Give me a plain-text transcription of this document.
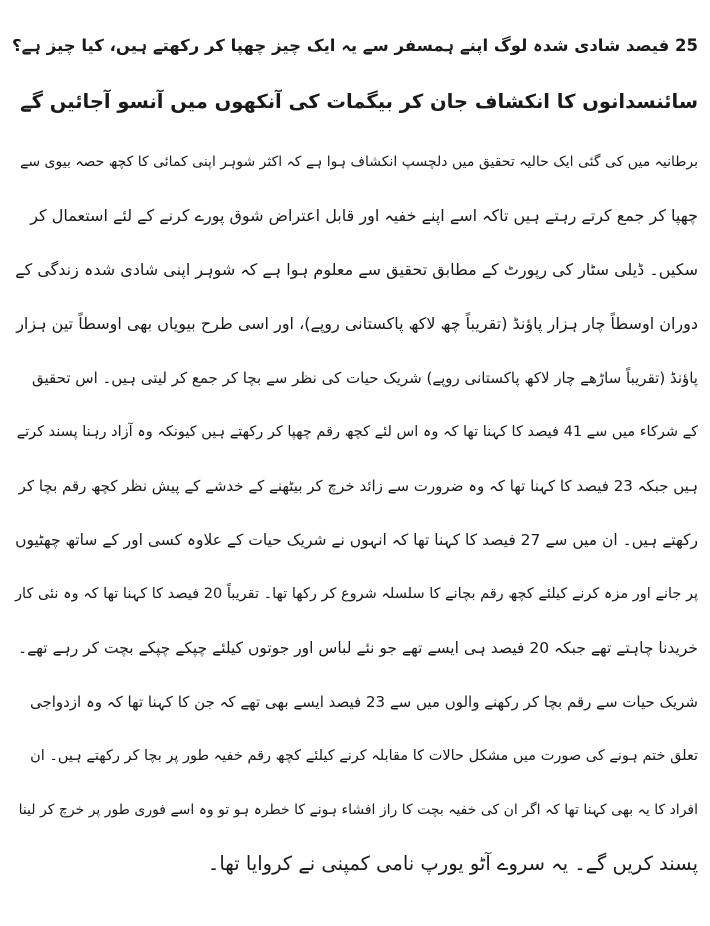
25 فیصد شادی شدہ لوگ اپنے ہمسفر سے یہ ایک چیز چھپا کر رکھتے ہیں، کیا چیز ہے؟
سائنسدانوں کا انکشاف جان کر بیگمات کی آنکھوں میں آنسو آجائیں گے
برطانیہ میں کی گئی ایک حالیہ تحقیق میں دلچسپ انکشاف ہوا ہے کہ اکثر شوہر اپنی کمائی کا کچھ حصہ بیوی سے
چھپا کر جمع کرتے رہتے ہیں تاکہ اسے اپنے خفیہ اور قابل اعتراض شوق پورے کرنے کے لئے استعمال کر
سکیں۔ ڈیلی سٹار کی رپورٹ کے مطابق تحقیق سے معلوم ہوا ہے کہ شوہر اپنی شادی شدہ زندگی کے
دوران اوسطاً چار ہزار پاؤنڈ (تقریباً چھ لاکھ پاکستانی روپے)، اور اسی طرح بیویاں بھی اوسطاً تین ہزار
پاؤنڈ (تقریباً ساڑھے چار لاکھ پاکستانی روپے) شریک حیات کی نظر سے بچا کر جمع کر لیتی ہیں۔ اس تحقیق
کے شرکاء میں سے 41 فیصد کا کہنا تھا کہ وہ اس لئے کچھ رقم چھپا کر رکھتے ہیں کیونکہ وہ آزاد رہنا پسند کرتے
ہیں جبکہ 23 فیصد کا کہنا تھا کہ وہ ضرورت سے زائد خرچ کر بیٹھنے کے خدشے کے پیش نظر کچھ رقم بچا کر
رکھتے ہیں۔ ان میں سے 27 فیصد کا کہنا تھا کہ انہوں نے شریک حیات کے علاوہ کسی اور کے ساتھ چھٹیوں
پر جانے اور مزہ کرنے کیلئے کچھ رقم بچانے کا سلسلہ شروع کر رکھا تھا۔ تقریباً 20 فیصد کا کہنا تھا کہ وہ نئی کار
خریدنا چاہتے تھے جبکہ 20 فیصد ہی ایسے تھے جو نئے لباس اور جوتوں کیلئے چپکے چپکے بچت کر رہے تھے۔
شریک حیات سے رقم بچا کر رکھنے والوں میں سے 23 فیصد ایسے بھی تھے کہ جن کا کہنا تھا کہ وہ ازدواجی
تعلق ختم ہونے کی صورت میں مشکل حالات کا مقابلہ کرنے کیلئے کچھ رقم خفیہ طور پر بچا کر رکھتے ہیں۔ ان
افراد کا یہ بھی کہنا تھا کہ اگر ان کی خفیہ بچت کا راز افشاء ہونے کا خطرہ ہو تو وہ اسے فوری طور پر خرچ کر لینا
پسند کریں گے۔ یہ سروے آٹو یورپ نامی کمپنی نے کروایا تھا۔
